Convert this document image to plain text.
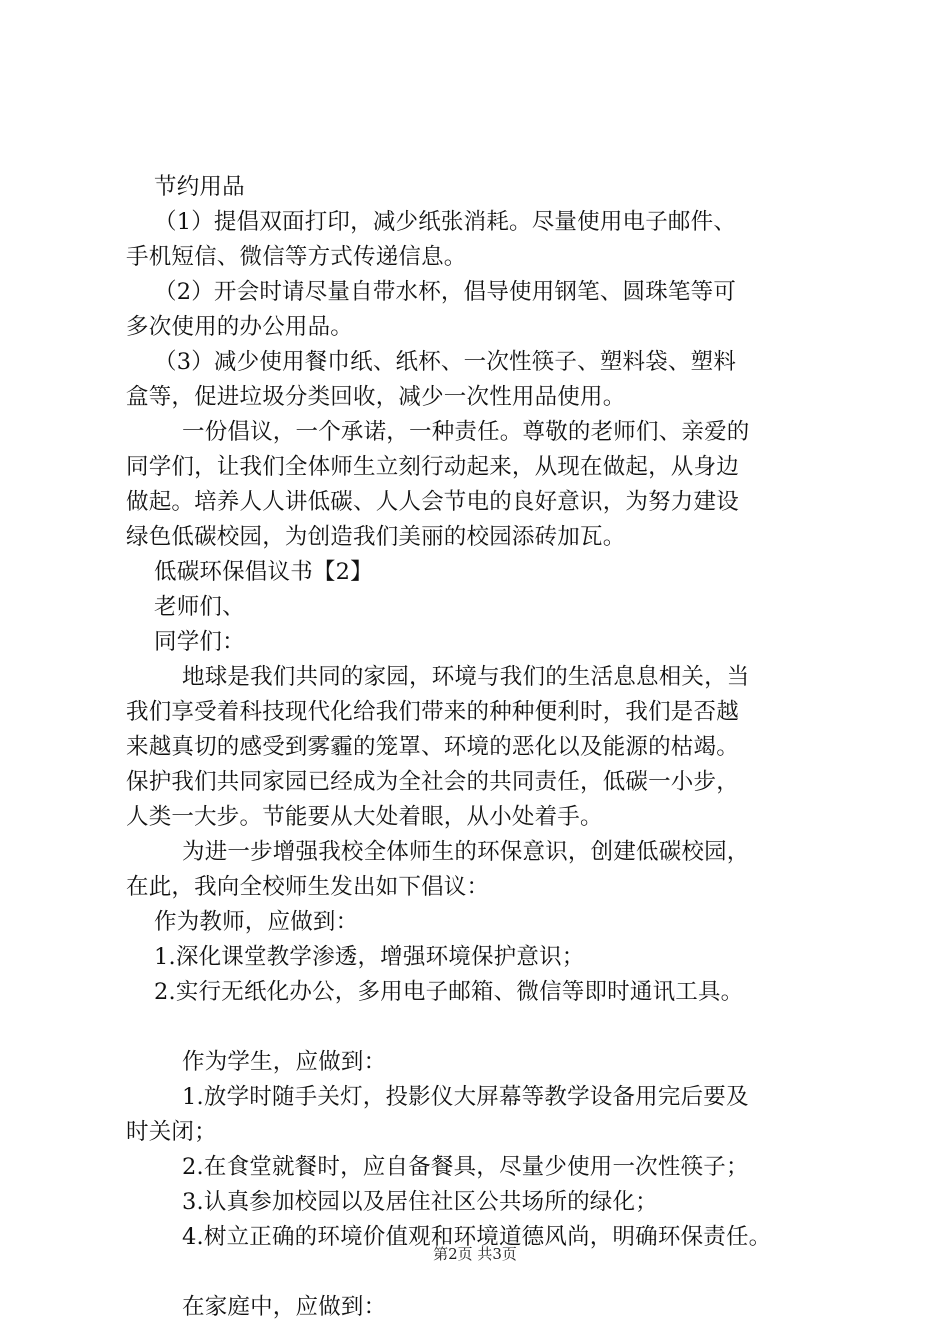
节约用品
（1）提倡双面打印，减少纸张消耗。尽量使用电子邮件、
手机短信、微信等方式传递信息。
（2）开会时请尽量自带水杯，倡导使用钢笔、圆珠笔等可
多次使用的办公用品。
（3）减少使用餐巾纸、纸杯、一次性筷子、塑料袋、塑料
盒等，促进垃圾分类回收，减少一次性用品使用。
一份倡议，一个承诺，一种责任。尊敬的老师们、亲爱的
同学们，让我们全体师生立刻行动起来，从现在做起，从身边
做起。培养人人讲低碳、人人会节电的良好意识，为努力建设
绿色低碳校园，为创造我们美丽的校园添砖加瓦。
低碳环保倡议书【2】
老师们、
同学们：
地球是我们共同的家园，环境与我们的生活息息相关，当
我们享受着科技现代化给我们带来的种种便利时，我们是否越
来越真切的感受到雾霾的笼罩、环境的恶化以及能源的枯竭。
保护我们共同家园已经成为全社会的共同责任，低碳一小步，
人类一大步。节能要从大处着眼，从小处着手。
为进一步增强我校全体师生的环保意识，创建低碳校园，
在此，我向全校师生发出如下倡议：
作为教师，应做到：
1.深化课堂教学渗透，增强环境保护意识；
2.实行无纸化办公，多用电子邮箱、微信等即时通讯工具。
作为学生，应做到：
1.放学时随手关灯，投影仪大屏幕等教学设备用完后要及
时关闭；
2.在食堂就餐时，应自备餐具，尽量少使用一次性筷子；
3.认真参加校园以及居住社区公共场所的绿化；
4.树立正确的环境价值观和环境道德风尚，明确环保责任。
在家庭中，应做到：
第2页 共3页
